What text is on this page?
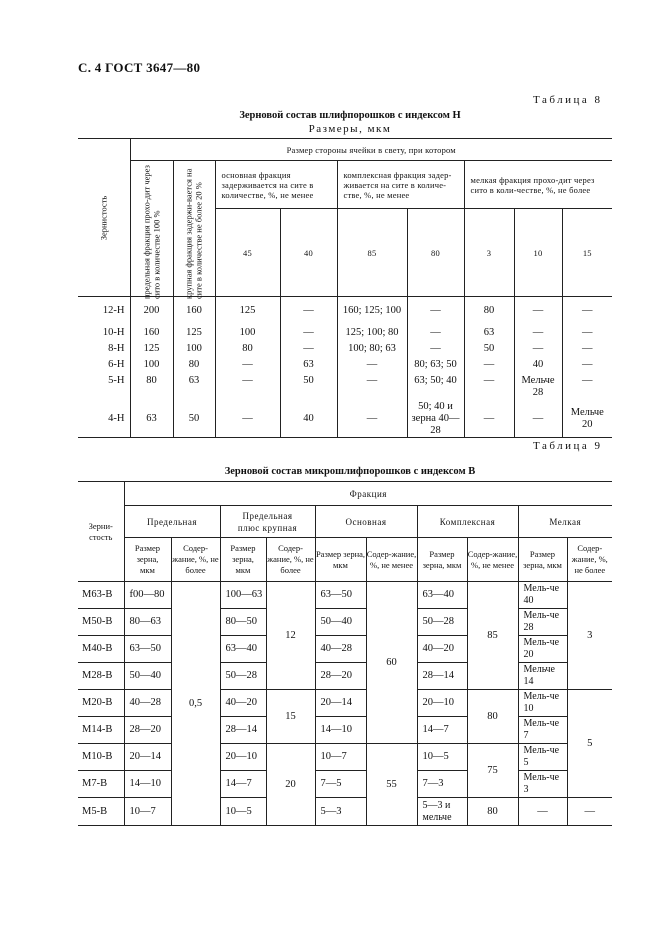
С. 4 ГОСТ 3647—80
Таблица 8
Зерновой состав шлифпорошков с индексом Н
Размеры, мкм
Зернистость	Размер стороны ячейки в свету, при котором								

	предельная фракция прохо-дит через сито в количестве 100 %	крупная фракция задержи-вается на сите в количестве не более 20 %	основная фракция задерживается на сите в количестве, %, не менее		комплексная фракция задер-живается на сите в количе-стве, %, не менее		мелкая фракция прохо-дит через сито в коли-честве, %, не более		
			45	40	85	80	3	10	15
12-Н	200	160	125	—	160; 125; 100	—	80	—	—
10-Н	160	125	100	—	125; 100; 80	—	63	—	—
8-Н	125	100	80	—	100; 80; 63	—	50	—	—
6-Н	100	80	—	63	—	80; 63; 50	—	40	—
5-Н	80	63	—	50	—	63; 50; 40	—	Мельче 28	—
4-Н	63	50	—	40	—	50; 40 и зерна 40—28	—	—	Мельче 20
Таблица 9
Зерновой состав микрошлифпорошков с индексом В
Зерни-стость	Фракция									
	Предельная		Предельная плюс крупная		Основная		Комплексная		Мелкая	
	Размер зерна, мкм	Содер-жание, %, не более	Размер зерна, мкм	Содер-жание, %, не более	Размер зерна, мкм	Содер-жание, %, не менее	Размер зерна, мкм	Содер-жание, %, не менее	Размер зерна, мкм	Содер-жание, %, не более
М63-В	f00—80	0,5	100—63	12	63—50	60	63—40	85	Мель-че 40	3
М50-В	80—63		80—50		50—40		50—28		Мель-че 28	
М40-В	63—50		63—40		40—28		40—20		Мель-че 20	
М28-В	50—40		50—28		28—20		28—14		Мельче 14	
М20-В	40—28		40—20	15	20—14		20—10	80	Мель-че 10	5
М14-В	28—20		28—14		14—10		14—7		Мель-че 7	
М10-В	20—14		20—10	20	10—7	55	10—5	75	Мель-че 5	
М7-В	14—10		14—7		7—5		7—3		Мель-че 3	
М5-В	10—7		10—5		5—3		5—3 и мельче	80	—	—
